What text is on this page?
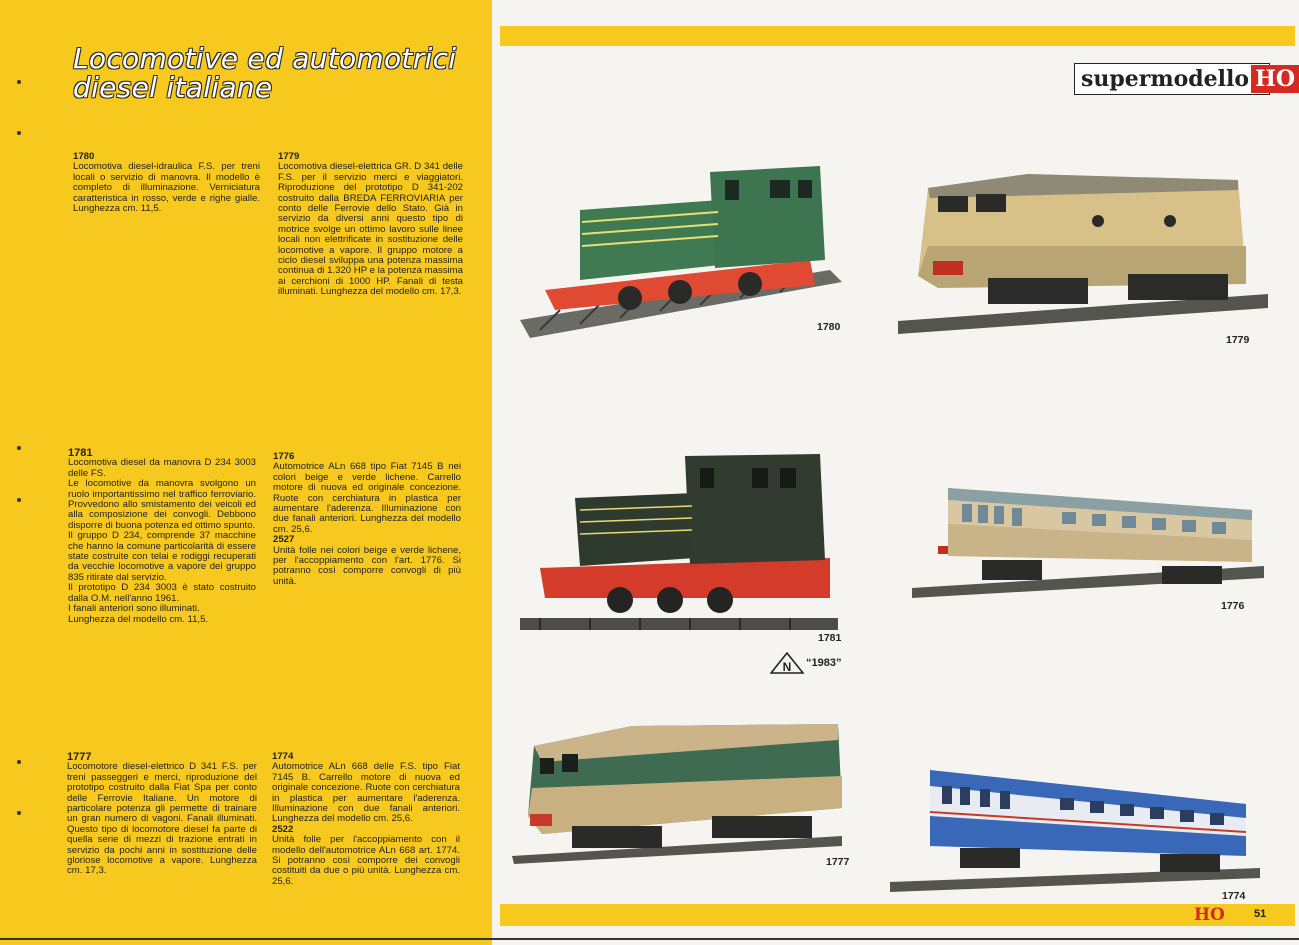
Locomotive ed automotrici
diesel italiane
1780
Locomotiva diesel-idraulica F.S. per treni locali o servizio di manovra. Il modello è completo di illuminazione. Verniciatura caratteristica in rosso, verde e righe gialle. Lunghezza cm. 11,5.
1779
Locomotiva diesel-elettrica GR. D 341 delle F.S. per il servizio merci e viaggiatori. Riproduzione del prototipo D 341-202 costruito dalla BREDA FERROVIARIA per conto delle Ferrovie dello Stato. Già in servizio da diversi anni questo tipo di motrice svolge un ottimo lavoro sulle linee locali non elettrificate in sostituzione delle locomotive a vapore. Il gruppo motore a ciclo diesel sviluppa una potenza massima continua di 1.320 HP e la potenza massima ai cerchioni di 1000 HP. Fanali di testa illuminati. Lunghezza del modello cm. 17,3.
1781
Locomotiva diesel da manovra D 234 3003 delle FS.
Le locomotive da manovra svolgono un ruolo importantissimo nel traffico ferroviario. Provvedono allo smistamento dei veicoli ed alla composizione dei convogli. Debbono disporre di buona potenza ed ottimo spunto.
Il gruppo D 234, comprende 37 macchine che hanno la comune particolarità di essere state costruite con telai e rodiggi recuperati da vecchie locomotive a vapore del gruppo 835 ritirate dal servizio.
Il prototipo D 234 3003 è stato costruito dalla O.M. nell'anno 1961.
I fanali anteriori sono illuminati.
Lunghezza del modello cm. 11,5.
1776
Automotrice ALn 668 tipo Fiat 7145 B nei colori beige e verde lichene. Carrello motore di nuova ed originale concezione. Ruote con cerchiatura in plastica per aumentare l'aderenza. Illuminazione con due fanali anteriori. Lunghezza del modello cm. 25,6.
2527
Unità folle nei colori beige e verde lichene, per l'accoppiamento con l'art. 1776. Si potranno così comporre convogli di più unità.
1777
Locomotore diesel-elettrico D 341 F.S. per treni passeggeri e merci, riproduzione del prototipo costruito dalla Fiat Spa per conto delle Ferrovie Italiane. Un motore di particolare potenza gli permette di trainare un gran numero di vagoni. Fanali illuminati. Questo tipo di locomotore diesel fa parte di quella serie di mezzi di trazione entrati in servizio da pochi anni in sostituzione delle gloriose locomotive a vapore. Lunghezza cm. 17,3.
1774
Automotrice ALn 668 delle F.S. tipo Fiat 7145 B. Carrello motore di nuova ed originale concezione. Ruote con cerchiatura in plastica per aumentare l'aderenza. Illuminazione con due fanali anteriori. Lunghezza del modello cm. 25,6.
2522
Unità folle per l'accoppiamento con il modello dell'automotrice ALn 668 art. 1774. Si potranno così comporre dei convogli costituiti da due o più unità. Lunghezza cm. 25,6.
supermodello HO
1780
1779
1781
N “1983”
1776
1777
1774
HO	51
